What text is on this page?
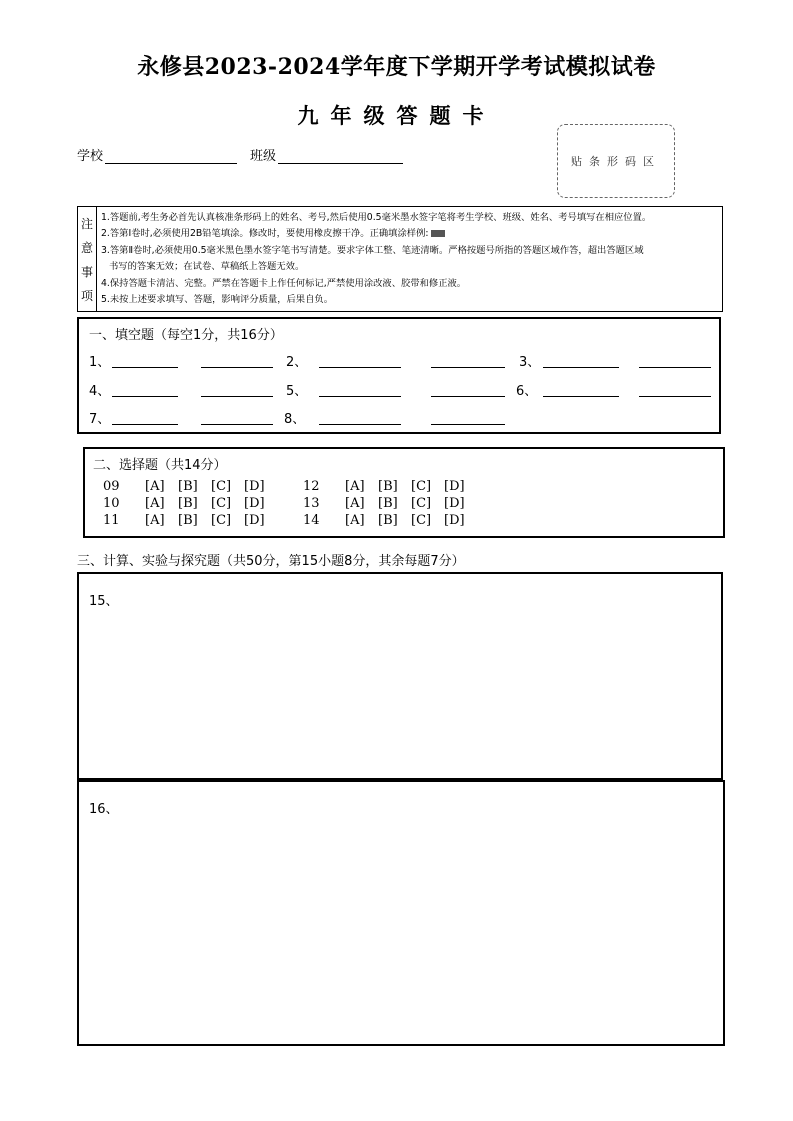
永修县2023-2024学年度下学期开学考试模拟试卷
九年级答题卡
学校	班级	贴条形码区
注
意
事
项
1.答题前,考生务必首先认真核准条形码上的姓名、考号,然后使用0.5毫米墨水签字笔将考生学校、班级、姓名、考号填写在相应位置。
2.答第Ⅰ卷时,必须使用2B铅笔填涂。修改时，要使用橡皮擦干净。正确填涂样例:
3.答第Ⅱ卷时,必须使用0.5毫米黑色墨水签字笔书写清楚。要求字体工整、笔迹清晰。严格按题号所指的答题区域作答，超出答题区域
书写的答案无效；在试卷、草稿纸上答题无效。
4.保持答题卡清洁、完整。严禁在答题卡上作任何标记,严禁使用涂改液、胶带和修正液。
5.未按上述要求填写、答题，影响评分质量，后果自负。
一、填空题（每空1分，共16分）
1、	2、	3、
4、	5、	6、
7、	8、
二、选择题（共14分）
09 [A] [B] [C] [D]	12 [A] [B] [C] [D]
10 [A] [B] [C] [D]	13 [A] [B] [C] [D]
11 [A] [B] [C] [D]	14 [A] [B] [C] [D]
三、计算、实验与探究题（共50分，第15小题8分，其余每题7分）
15、
16、
